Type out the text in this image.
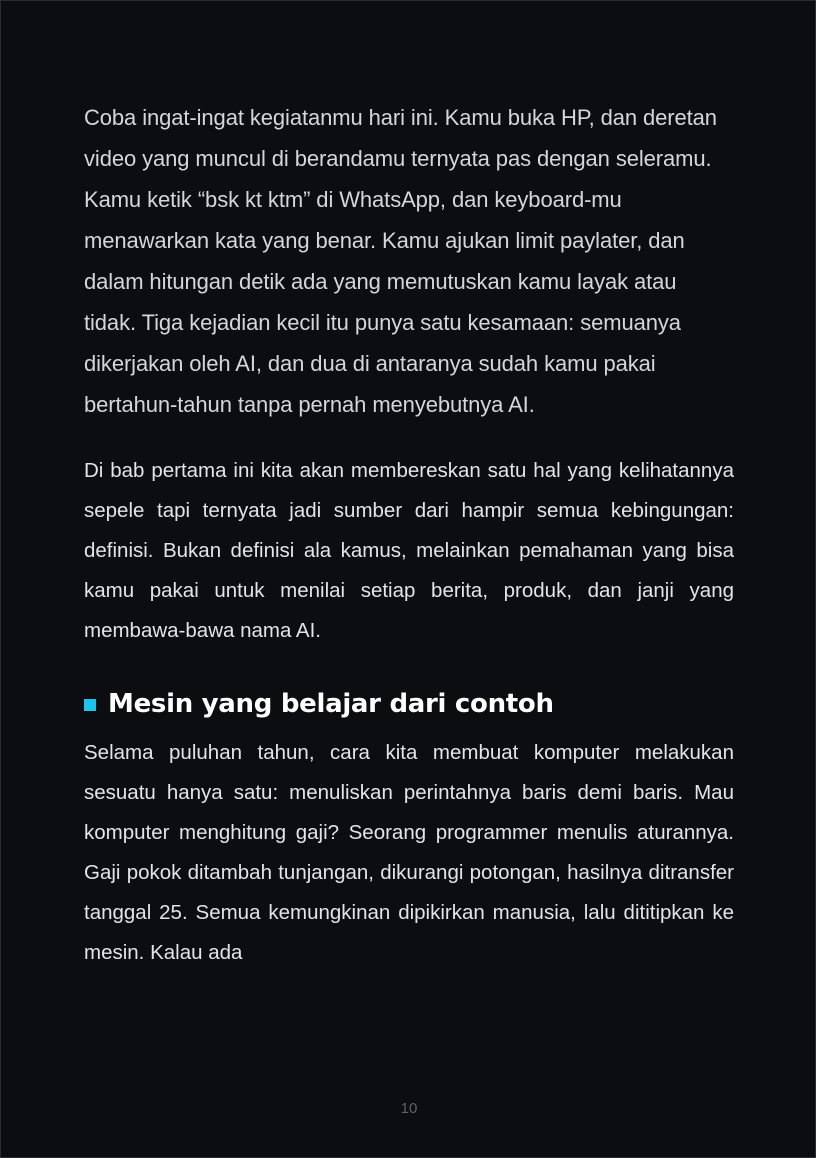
Coba ingat-ingat kegiatanmu hari ini. Kamu buka HP, dan deretan video yang muncul di berandamu ternyata pas dengan seleramu. Kamu ketik “bsk kt ktm” di WhatsApp, dan keyboard-mu menawarkan kata yang benar. Kamu ajukan limit paylater, dan dalam hitungan detik ada yang memutuskan kamu layak atau tidak. Tiga kejadian kecil itu punya satu kesamaan: semuanya dikerjakan oleh AI, dan dua di antaranya sudah kamu pakai bertahun-tahun tanpa pernah menyebutnya AI.

Di bab pertama ini kita akan membereskan satu hal yang kelihatannya sepele tapi ternyata jadi sumber dari hampir semua kebingungan: definisi. Bukan definisi ala kamus, melainkan pemahaman yang bisa kamu pakai untuk menilai setiap berita, produk, dan janji yang membawa-bawa nama AI.

Mesin yang belajar dari contoh

Selama puluhan tahun, cara kita membuat komputer melakukan sesuatu hanya satu: menuliskan perintahnya baris demi baris. Mau komputer menghitung gaji? Seorang programmer menulis aturannya. Gaji pokok ditambah tunjangan, dikurangi potongan, hasilnya ditransfer tanggal 25. Semua kemungkinan dipikirkan manusia, lalu dititipkan ke mesin. Kalau ada

10
